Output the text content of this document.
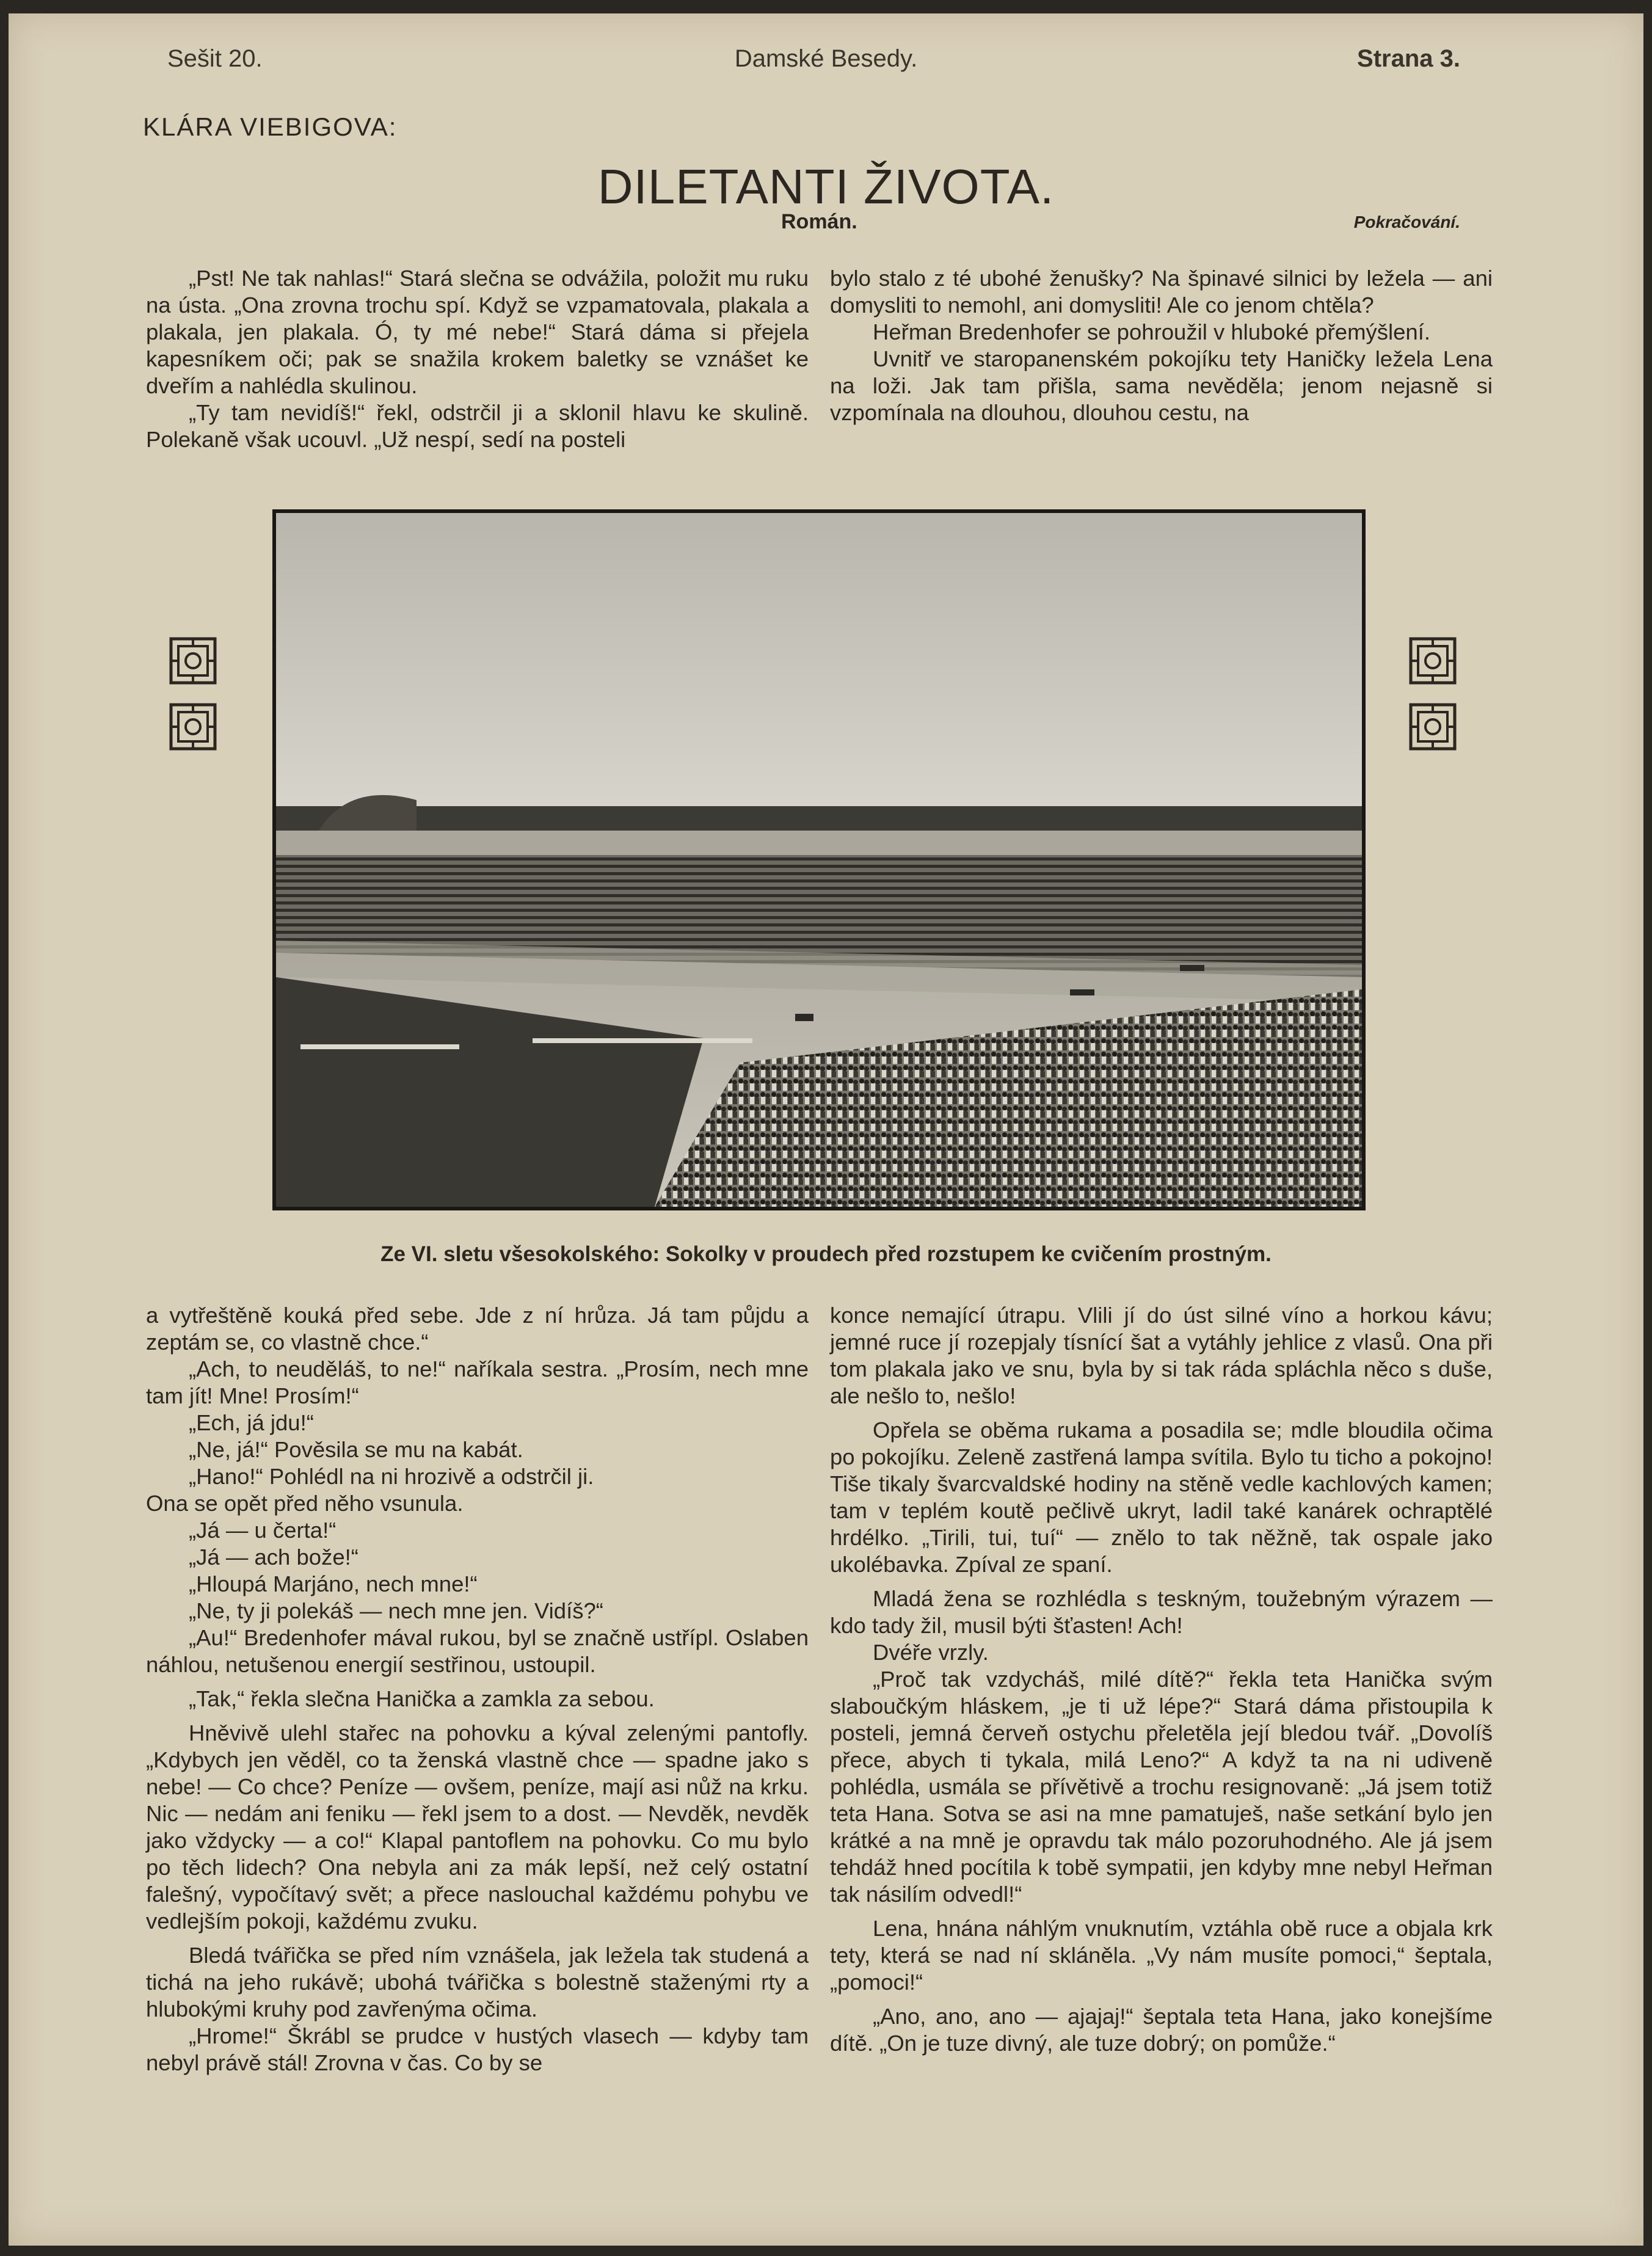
Sešit 20.	Damské Besedy.	Strana 3.
KLÁRA VIEBIGOVA:
DILETANTI ŽIVOTA.
Román.	Pokračování.

„Pst! Ne tak nahlas!“ Stará slečna se odvážila, položit mu ruku na ústa. „Ona zrovna trochu spí. Když se vzpamatovala, plakala a plakala, jen plakala. Ó, ty mé nebe!“ Stará dáma si přejela kapesníkem oči; pak se snažila krokem baletky se vznášet ke dveřím a nahlédla skulinou.

„Ty tam nevidíš!“ řekl, odstrčil ji a sklonil hlavu ke skulině. Polekaně však ucouvl. „Už nespí, sedí na posteli

bylo stalo z té ubohé ženušky? Na špinavé silnici by ležela — ani domysliti to nemohl, ani domysliti! Ale co jenom chtěla?

Heřman Bredenhofer se pohroužil v hluboké přemýšlení.

Uvnitř ve staropanenském pokojíku tety Haničky ležela Lena na loži. Jak tam přišla, sama nevěděla; jenom nejasně si vzpomínala na dlouhou, dlouhou cestu, na

Ze VI. sletu všesokolského: Sokolky v proudech před rozstupem ke cvičením prostným.

a vytřeštěně kouká před sebe. Jde z ní hrůza. Já tam půjdu a zeptám se, co vlastně chce.“

„Ach, to neuděláš, to ne!“ naříkala sestra. „Prosím, nech mne tam jít! Mne! Prosím!“

„Ech, já jdu!“

„Ne, já!“ Pověsila se mu na kabát.

„Hano!“ Pohlédl na ni hrozivě a odstrčil ji.

Ona se opět před něho vsunula.

„Já — u čerta!“

„Já — ach bože!“

„Hloupá Marjáno, nech mne!“

„Ne, ty ji polekáš — nech mne jen. Vidíš?“

„Au!“ Bredenhofer mával rukou, byl se značně ustřípl. Oslaben náhlou, netušenou energií sestřinou, ustoupil.

„Tak,“ řekla slečna Hanička a zamkla za sebou.

Hněvivě ulehl stařec na pohovku a kýval zelenými pantofly. „Kdybych jen věděl, co ta ženská vlastně chce — spadne jako s nebe! — Co chce? Peníze — ovšem, peníze, mají asi nůž na krku. Nic — nedám ani feniku — řekl jsem to a dost. — Nevděk, nevděk jako vždycky — a co!“ Klapal pantoflem na pohovku. Co mu bylo po těch lidech? Ona nebyla ani za mák lepší, než celý ostatní falešný, vypočítavý svět; a přece naslouchal každému pohybu ve vedlejším pokoji, každému zvuku.

Bledá tvářička se před ním vznášela, jak ležela tak studená a tichá na jeho rukávě; ubohá tvářička s bolestně staženými rty a hlubokými kruhy pod zavřenýma očima.

„Hrome!“ Škrábl se prudce v hustých vlasech — kdyby tam nebyl právě stál! Zrovna v čas. Co by se

konce nemající útrapu. Vlili jí do úst silné víno a horkou kávu; jemné ruce jí rozepjaly tísnící šat a vytáhly jehlice z vlasů. Ona při tom plakala jako ve snu, byla by si tak ráda spláchla něco s duše, ale nešlo to, nešlo!

Opřela se oběma rukama a posadila se; mdle bloudila očima po pokojíku. Zeleně zastřená lampa svítila. Bylo tu ticho a pokojno! Tiše tikaly švarcvaldské hodiny na stěně vedle kachlových kamen; tam v teplém koutě pečlivě ukryt, ladil také kanárek ochraptělé hrdélko. „Tirili, tui, tuí“ — znělo to tak něžně, tak ospale jako ukolébavka. Zpíval ze spaní.

Mladá žena se rozhlédla s teskným, toužebným výrazem — kdo tady žil, musil býti šťasten! Ach!

Dvéře vrzly.

„Proč tak vzdycháš, milé dítě?“ řekla teta Hanička svým slaboučkým hláskem, „je ti už lépe?“ Stará dáma přistoupila k posteli, jemná červeň ostychu přeletěla její bledou tvář. „Dovolíš přece, abych ti tykala, milá Leno?“ A když ta na ni udiveně pohlédla, usmála se přívětivě a trochu resignovaně: „Já jsem totiž teta Hana. Sotva se asi na mne pamatuješ, naše setkání bylo jen krátké a na mně je opravdu tak málo pozoruhodného. Ale já jsem tehdáž hned pocítila k tobě sympatii, jen kdyby mne nebyl Heřman tak násilím odvedl!“

Lena, hnána náhlým vnuknutím, vztáhla obě ruce a objala krk tety, která se nad ní skláněla. „Vy nám musíte pomoci,“ šeptala, „pomoci!“

„Ano, ano, ano — ajajaj!“ šeptala teta Hana, jako konejšíme dítě. „On je tuze divný, ale tuze dobrý; on pomůže.“
